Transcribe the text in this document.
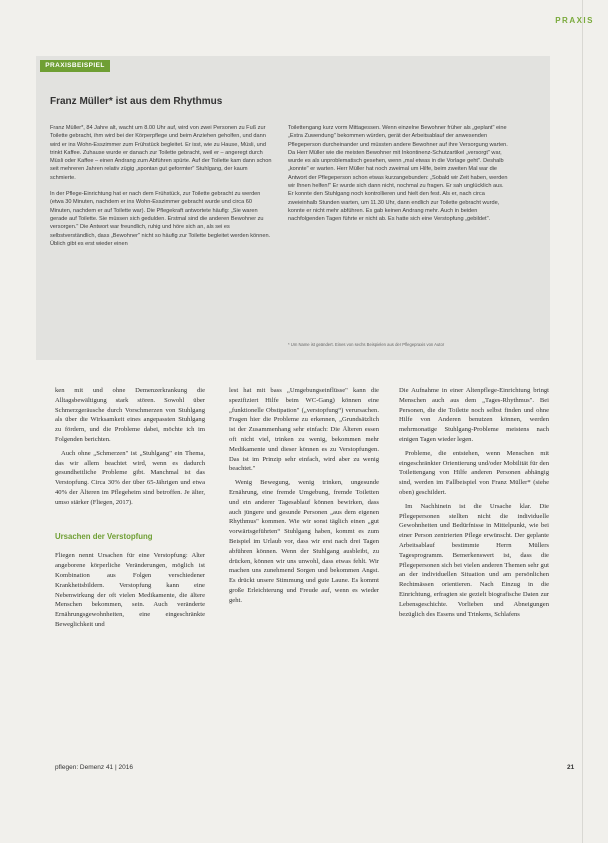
PRAXIS
PRAXISBEISPIEL
Franz Müller* ist aus dem Rhythmus

Franz Müller*, 84 Jahre alt, wacht um 8.00 Uhr auf, wird von zwei Personen zu Fuß zur Toilette gebracht, ihm wird bei der Körperpflege und beim Anziehen geholfen, und dann wird er ins Wohn-Esszimmer zum Frühstück begleitet. Er isst, wie zu Hause, Müsli, und trinkt Kaffee. Zuhause wurde er danach zur Toilette gebracht, weil er – angeregt durch Müsli oder Kaffee – einen Andrang zum Abführen spürte. Auf der Toilette kam dann schon seit mehreren Jahren relativ zügig „spontan gut geformter" Stuhlgang, der kaum schmierte.

In der Pflege-Einrichtung hat er nach dem Frühstück, zur Toilette gebracht zu werden (etwa 30 Minuten, nachdem er ins Wohn-Esszimmer gebracht wurde und circa 60 Minuten, nachdem er auf Toilette war). Die Pflegekraft antwortete häufig: „Sie waren gerade auf Toilette. Sie müssen sich gedulden. Erstmal sind die anderen Bewohner zu versorgen." Die Antwort war freundlich, ruhig und höre sich an, als sei es selbstverständlich, dass „Bewohner" nicht so häufig zur Toilette begleitet werden können. Üblich gibt es erst wieder einen

Toilettengang kurz vorm Mittagessen. Wenn einzelne Bewohner früher als „geplant" eine „Extra Zuwendung" bekommen würden, gerät der Arbeitsablauf der anwesenden Pflegeperson durcheinander und müssten andere Bewohner auf ihre Versorgung warten. Da Herr Müller wie die meisten Bewohner mit Inkontinenz-Schutzartikel „versorgt" war, wurde es als unproblematisch gesehen, wenn „mal etwas in die Vorlage geht". Deshalb „konnte" er warten. Herr Müller hat noch zweimal um Hilfe, beim zweiten Mal war die Antwort der Pflegeperson schon etwas kurzangebunden: „Sobald wir Zeit haben, werden wir Ihnen helfen!" Er wurde sich dann nicht, nochmal zu fragen. Er sah unglücklich aus. Er konnte den Stuhlgang noch kontrollieren und hielt den fest. Als er, nach circa zweieinhalb Stunden warten, um 11.30 Uhr, dann endlich zur Toilette gebracht wurde, konnte er nicht mehr abführen. Es gab keinen Andrang mehr. Auch in beiden nachfolgenden Tagen führte er nicht ab. Es hatte sich eine Verstopfung „gebildet".

* Um Name ist geändert. Eines von sechs Beispielen aus der Pflegepraxis von Autor

ken mit und ohne Demenzerkrankung die Alltagsbewältigung stark stören. Sowohl über Schmerzgeräusche durch Vorschmerzen von Stuhlgang als über die Wirksamkeit eines angepassten Stuhlgang zu fördern, und die Probleme dabei, möchte ich im Folgenden berichten.

Auch ohne „Schmerzen" ist „Stuhlgang" ein Thema, das wir allem beachtet wird, wenn es dadurch gesundheitliche Probleme gibt. Manchmal ist das Verstopfung. Circa 30% der über 65-Jährigen und etwa 40% der Älteren im Pflegeheim sind betroffen. Je älter, umso stärker (Fliegen, 2017).

Ursachen der Verstopfung

Fliegen nennt Ursachen für eine Verstopfung: Alter angeborene körperliche Veränderungen, möglich ist Kombination aus Folgen verschiedener Krankheitsbildern. Verstopfung kann eine Nebenwirkung der oft vielen Medikamente, die ältere Menschen bekommen, sein. Auch veränderte Ernährungsgewohnheiten, eine eingeschränkte Beweglichkeit und

lest hat mit bass „Umgebungseinflüsse" kann die spezifiziert Hilfe beim WC-Gang) können eine „funktionelle Obstipation" („verstopfung“) verursachen. Fragen hier die Probleme zu erkennen, „Grundsätzlich ist der Zusammenhang sehr einfach: Die Älteren essen oft nicht viel, trinken zu wenig, bekommen mehr Medikamente und dieser können es zu Verstopfungen. Das ist im Prinzip sehr einfach, wird aber zu wenig beachtet."

Wenig Bewegung, wenig trinken, ungesunde Ernährung, eine fremde Umgebung, fremde Toiletten und ein anderer Tagesablauf können bewirken, dass auch jüngere und gesunde Personen „aus dem eigenen Rhythmus" kommen. Wie wir sonst täglich einen „gut vorwärtsgeführten“ Stuhlgang haben, kommt es zum Beispiel im Urlaub vor, dass wir erst nach drei Tagen abführen können. Wenn der Stuhlgang ausbleibt, zu drücken, können wir uns unwohl, dass etwas fehlt. Wir machen uns zunehmend Sorgen und bekommen Angst. Es drückt unsere Stimmung und gute Laune. Es kommt große Erleichterung und Freude auf, wenn es wieder geht.

Die Aufnahme in einer Altenpflege-Einrichtung bringt Menschen auch aus dem „Tages-Rhythmus". Bei Personen, die die Toilette noch selbst finden und ohne Hilfe von Anderen benutzen können, werden mehrmonatige Stuhlgang-Probleme meistens nach einigen Tagen wieder legen.

Probleme, die entstehen, wenn Menschen mit eingeschränkter Orientierung und/oder Mobilität für den Toilettengang von Hilfe anderen Personen abhängig sind, werden im Fallbeispiel von Franz Müller* (siehe oben) geschildert.

Im Nachhinein ist die Ursache klar. Die Pflegepersonen stellten nicht die individuelle Gewohnheiten und Bedürfnisse in Mittelpunkt, wie bei einer Person zentrierten Pflege erwünscht. Der geplante Arbeitsablauf bestimmte Herrn Müllers Tagesprogramm. Bemerkenswert ist, dass die Pflegepersonen sich bei vielen anderen Themen sehr gut an der individuellen Situation und am persönlichen Rechtmässen orientieren. Nach Einzug in die Einrichtung, erfragten sie gezielt biografische Daten zur Lebensgeschichte. Vorlieben und Abneigungen bezüglich des Essens und Trinkens, Schlafens

pflegen: Demenz 41 | 2016	21
